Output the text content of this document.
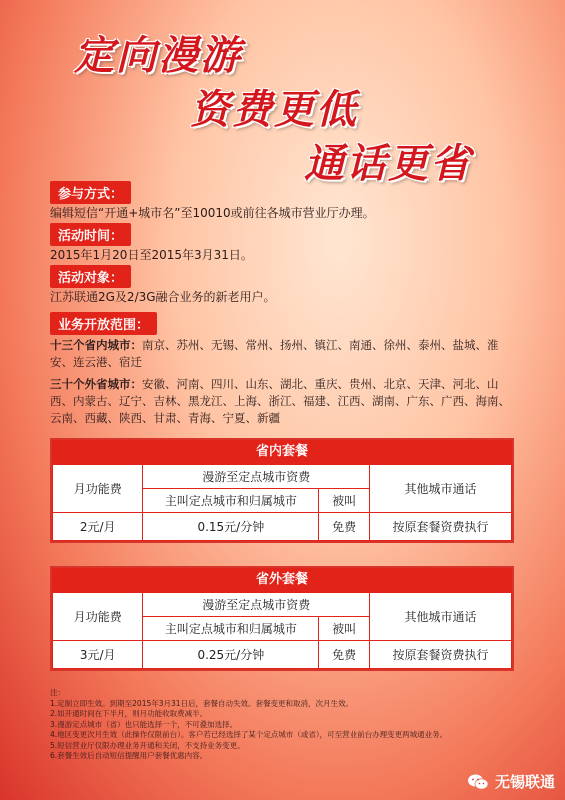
定向漫游
资费更低
通话更省
参与方式：
编辑短信“开通+城市名”至10010或前往各城市营业厅办理。
活动时间：
2015年1月20日至2015年3月31日。
活动对象：
江苏联通2G及2/3G融合业务的新老用户。
业务开放范围：
十三个省内城市：南京、苏州、无锡、常州、扬州、镇江、南通、徐州、泰州、盐城、淮安、连云港、宿迁
三十个外省城市：安徽、河南、四川、山东、湖北、重庆、贵州、北京、天津、河北、山西、内蒙古、辽宁、吉林、黑龙江、上海、浙江、福建、江西、湖南、广东、广西、海南、云南、西藏、陕西、甘肃、青海、宁夏、新疆
省内套餐
月功能费	漫游至定点城市资费		其他城市通话
	主叫定点城市和归属城市	被叫	
2元/月	0.15元/分钟	免费	按原套餐资费执行
省外套餐
月功能费	漫游至定点城市资费		其他城市通话
	主叫定点城市和归属城市	被叫	
3元/月	0.25元/分钟	免费	按原套餐资费执行
注：
1.定制立即生效。到期至2015年3月31日后，套餐自动失效。套餐变更和取消，次月生效。
2.如开通时间在下半月，则月功能收取费减半。
3.漫游定点城市（省）也只能选择一个，不可叠加选择。
4.地区变更次月生效（此操作仅限前台）。客户若已经选择了某个定点城市（或省），可至营业前台办理变更两城通业务。
5.短信营业厅仅限办理业务开通和关闭，不支持业务变更。
6.套餐生效后自动短信提醒用户套餐优惠内容。
无锡联通
